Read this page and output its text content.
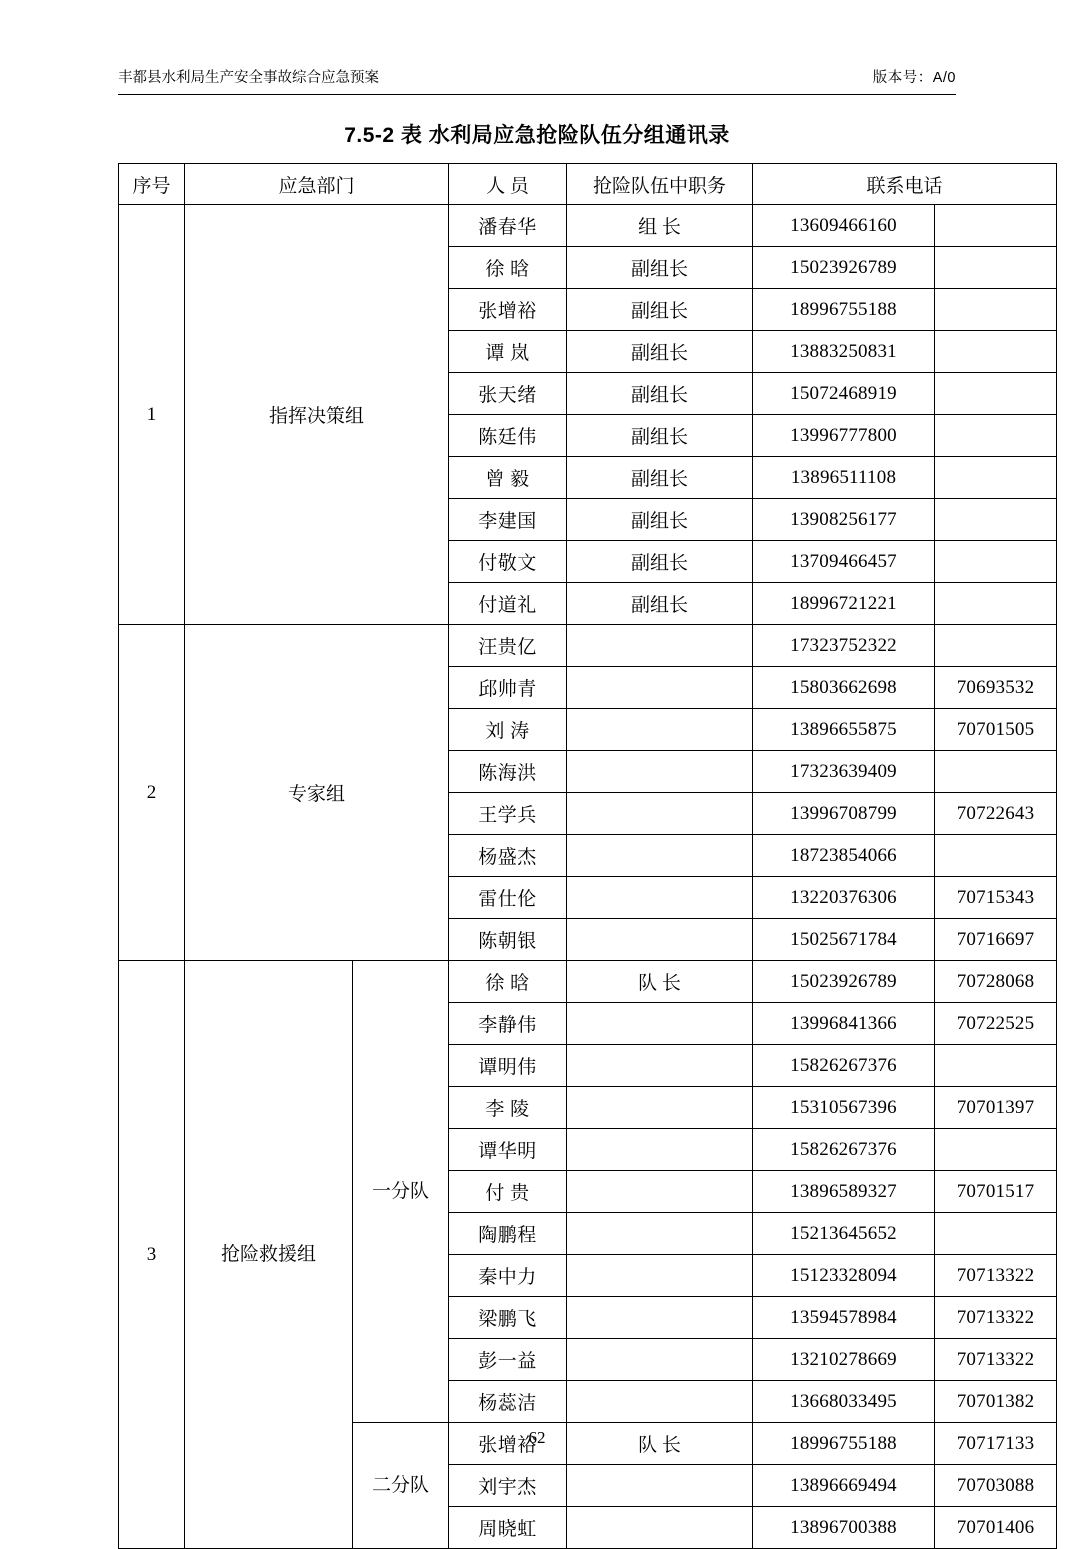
丰都县水利局生产安全事故综合应急预案	版本号：A/0
7.5-2 表 水利局应急抢险队伍分组通讯录
序号	应急部门		人 员	抢险队伍中职务	联系电话	
1	指挥决策组		潘春华	组 长	13609466160	
			徐 晗	副组长	15023926789	
			张增裕	副组长	18996755188	
			谭 岚	副组长	13883250831	
			张天绪	副组长	15072468919	
			陈廷伟	副组长	13996777800	
			曾 毅	副组长	13896511108	
			李建国	副组长	13908256177	
			付敬文	副组长	13709466457	
			付道礼	副组长	18996721221	
2	专家组		汪贵亿		17323752322	
			邱帅青		15803662698	70693532
			刘 涛		13896655875	70701505
			陈海洪		17323639409	
			王学兵		13996708799	70722643
			杨盛杰		18723854066	
			雷仕伦		13220376306	70715343
			陈朝银		15025671784	70716697
3	抢险救援组	一分队	徐 晗	队 长	15023926789	70728068
			李静伟		13996841366	70722525
			谭明伟		15826267376	
			李 陵		15310567396	70701397
			谭华明		15826267376	
			付 贵		13896589327	70701517
			陶鹏程		15213645652	
			秦中力		15123328094	70713322
			梁鹏飞		13594578984	70713322
			彭一益		13210278669	70713322
			杨蕊洁		13668033495	70701382
		二分队	张增裕	队 长	18996755188	70717133
			刘宇杰		13896669494	70703088
			周晓虹		13896700388	70701406
62
